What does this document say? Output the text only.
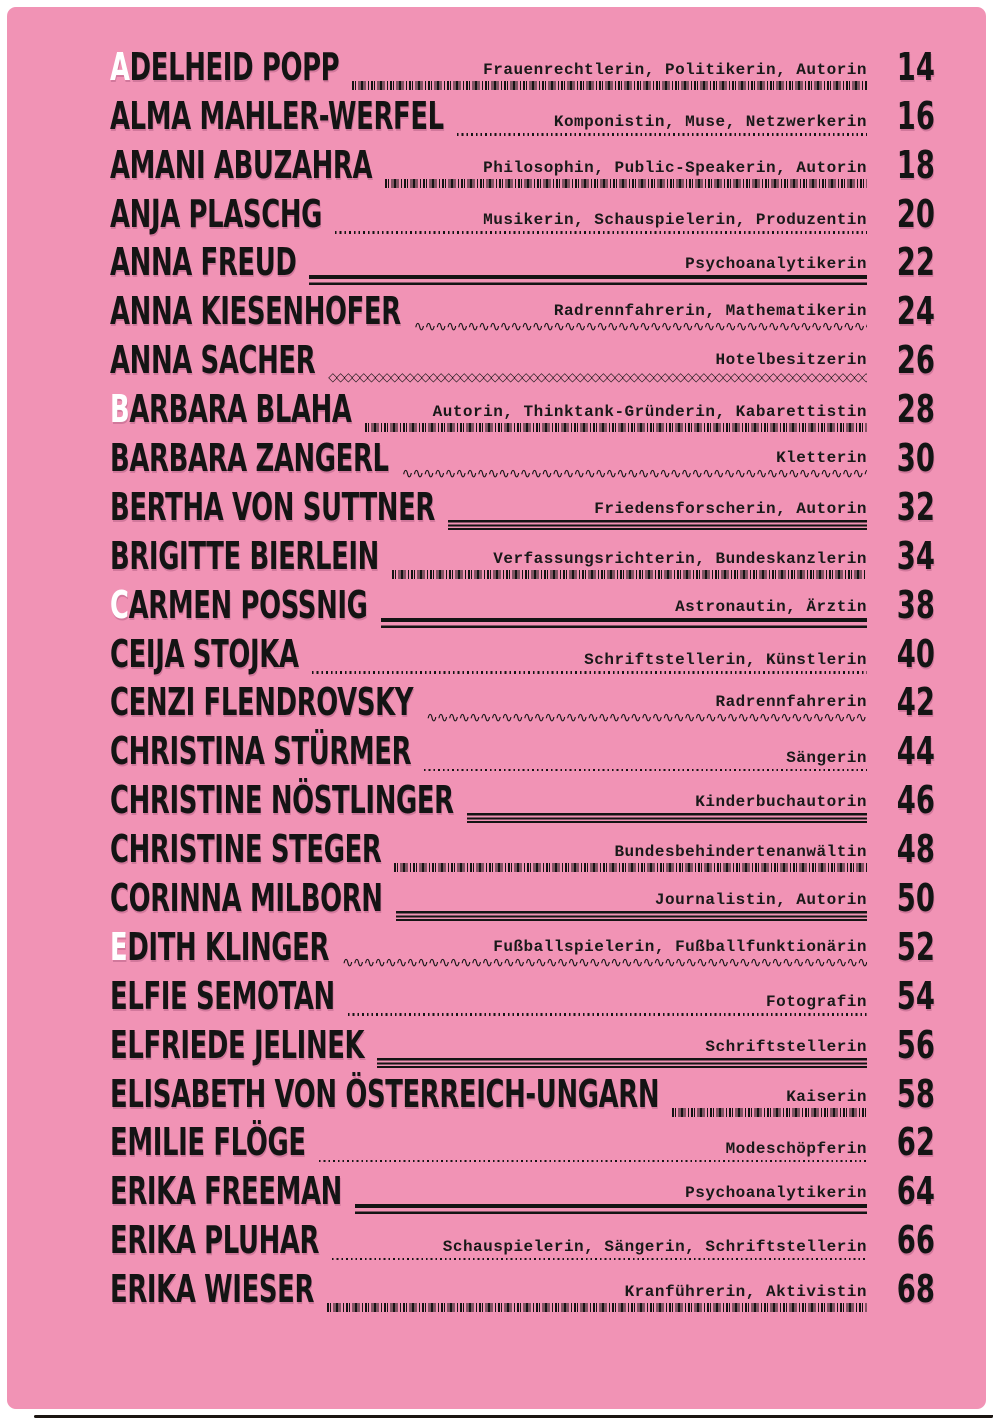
ADELHEID POPP	Frauenrechtlerin, Politikerin, Autorin 14
ALMA MAHLER-WERFEL	Komponistin, Muse, Netzwerkerin 16
AMANI ABUZAHRA	Philosophin, Public-Speakerin, Autorin 18
ANJA PLASCHG	Musikerin, Schauspielerin, Produzentin 20
ANNA FREUD	Psychoanalytikerin 22
ANNA KIESENHOFER	Radrennfahrerin, Mathematikerin ∿∿∿∿∿∿∿∿∿∿∿∿∿∿∿∿∿∿∿∿∿∿∿∿∿∿∿∿∿∿∿∿∿∿∿∿∿∿∿∿∿∿∿∿∿∿∿∿∿∿∿∿∿∿∿∿∿∿∿∿∿∿∿∿∿∿∿∿∿∿∿∿∿∿∿∿∿∿∿∿∿∿∿∿∿∿∿∿∿∿∿∿∿∿∿∿∿∿∿∿∿∿∿∿∿∿∿∿∿∿∿∿∿∿∿∿∿∿∿∿ 24
ANNA SACHER	Hotelbesitzerin ◇◇◇◇◇◇◇◇◇◇◇◇◇◇◇◇◇◇◇◇◇◇◇◇◇◇◇◇◇◇◇◇◇◇◇◇◇◇◇◇◇◇◇◇◇◇◇◇◇◇◇◇◇◇◇◇◇◇◇◇◇◇◇◇◇◇◇◇◇◇◇◇◇◇◇◇◇◇◇◇◇◇◇◇◇◇◇◇◇◇◇◇◇◇◇◇◇◇◇◇ 26
BARBARA BLAHA	Autorin, Thinktank-Gründerin, Kabarettistin 28
BARBARA ZANGERL	Kletterin ∿∿∿∿∿∿∿∿∿∿∿∿∿∿∿∿∿∿∿∿∿∿∿∿∿∿∿∿∿∿∿∿∿∿∿∿∿∿∿∿∿∿∿∿∿∿∿∿∿∿∿∿∿∿∿∿∿∿∿∿∿∿∿∿∿∿∿∿∿∿∿∿∿∿∿∿∿∿∿∿∿∿∿∿∿∿∿∿∿∿∿∿∿∿∿∿∿∿∿∿∿∿∿∿∿∿∿∿∿∿∿∿∿∿∿∿∿∿∿∿ 30
BERTHA VON SUTTNER	Friedensforscherin, Autorin 32
BRIGITTE BIERLEIN	Verfassungsrichterin, Bundeskanzlerin 34
CARMEN POSSNIG	Astronautin, Ärztin 38
CEIJA STOJKA	Schriftstellerin, Künstlerin 40
CENZI FLENDROVSKY	Radrennfahrerin ∿∿∿∿∿∿∿∿∿∿∿∿∿∿∿∿∿∿∿∿∿∿∿∿∿∿∿∿∿∿∿∿∿∿∿∿∿∿∿∿∿∿∿∿∿∿∿∿∿∿∿∿∿∿∿∿∿∿∿∿∿∿∿∿∿∿∿∿∿∿∿∿∿∿∿∿∿∿∿∿∿∿∿∿∿∿∿∿∿∿∿∿∿∿∿∿∿∿∿∿∿∿∿∿∿∿∿∿∿∿∿∿∿∿∿∿∿∿∿∿ 42
CHRISTINA STÜRMER	Sängerin 44
CHRISTINE NÖSTLINGER	Kinderbuchautorin 46
CHRISTINE STEGER	Bundesbehindertenanwältin 48
CORINNA MILBORN	Journalistin, Autorin 50
EDITH KLINGER	Fußballspielerin, Fußballfunktionärin ∿∿∿∿∿∿∿∿∿∿∿∿∿∿∿∿∿∿∿∿∿∿∿∿∿∿∿∿∿∿∿∿∿∿∿∿∿∿∿∿∿∿∿∿∿∿∿∿∿∿∿∿∿∿∿∿∿∿∿∿∿∿∿∿∿∿∿∿∿∿∿∿∿∿∿∿∿∿∿∿∿∿∿∿∿∿∿∿∿∿∿∿∿∿∿∿∿∿∿∿∿∿∿∿∿∿∿∿∿∿∿∿∿∿∿∿∿∿∿∿ 52
ELFIE SEMOTAN	Fotografin 54
ELFRIEDE JELINEK	Schriftstellerin 56
ELISABETH VON ÖSTERREICH-UNGARN	Kaiserin 58
EMILIE FLÖGE	Modeschöpferin 62
ERIKA FREEMAN	Psychoanalytikerin 64
ERIKA PLUHAR	Schauspielerin, Sängerin, Schriftstellerin 66
ERIKA WIESER	Kranführerin, Aktivistin 68
